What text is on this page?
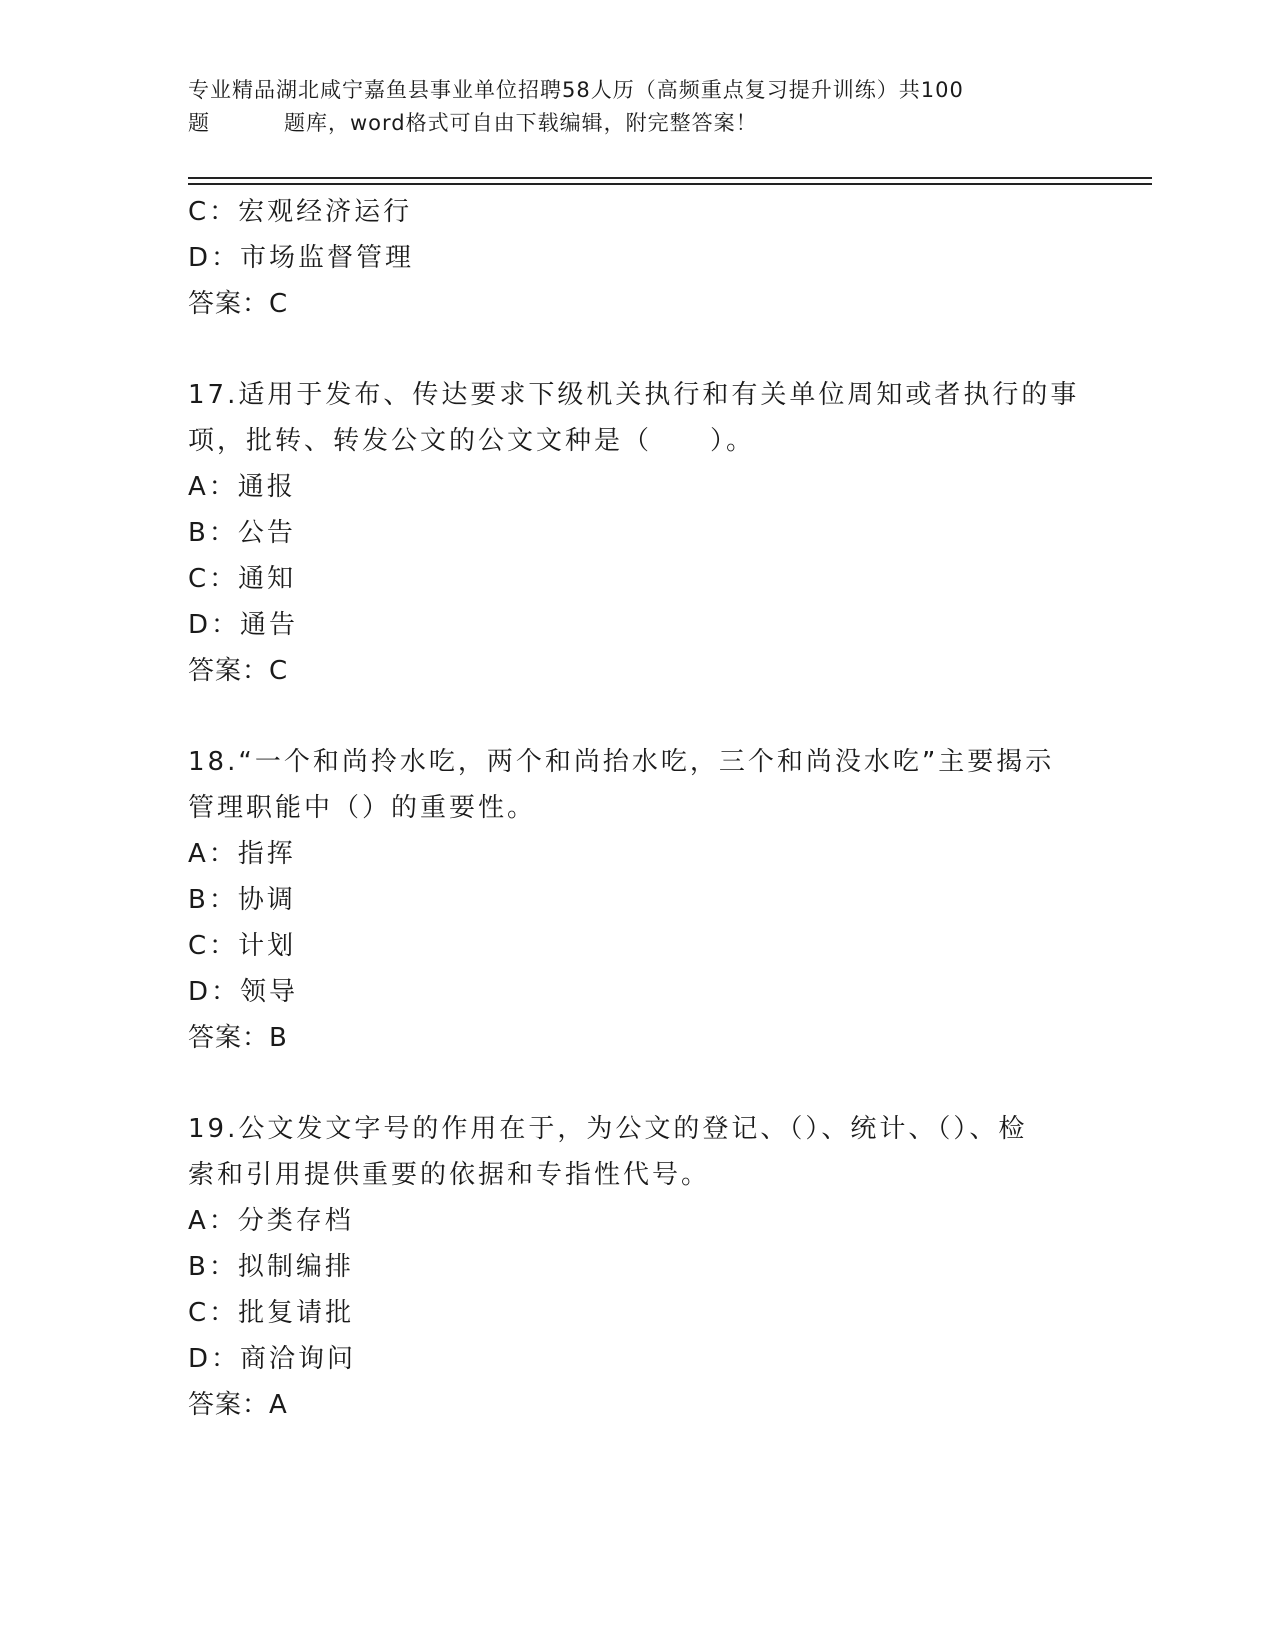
专业精品湖北咸宁嘉鱼县事业单位招聘58人历（高频重点复习提升训练）共100
题	题库，word格式可自由下载编辑，附完整答案！
C：宏观经济运行
D：市场监督管理
答案：C
17.适用于发布、传达要求下级机关执行和有关单位周知或者执行的事
项，批转、转发公文的公文文种是（　　）。
A：通报
B：公告
C：通知
D：通告
答案：C
18.“一个和尚拎水吃，两个和尚抬水吃，三个和尚没水吃”主要揭示
管理职能中（）的重要性。
A：指挥
B：协调
C：计划
D：领导
答案：B
19.公文发文字号的作用在于，为公文的登记、（）、统计、（）、检
索和引用提供重要的依据和专指性代号。
A：分类存档
B：拟制编排
C：批复请批
D：商洽询问
答案：A
